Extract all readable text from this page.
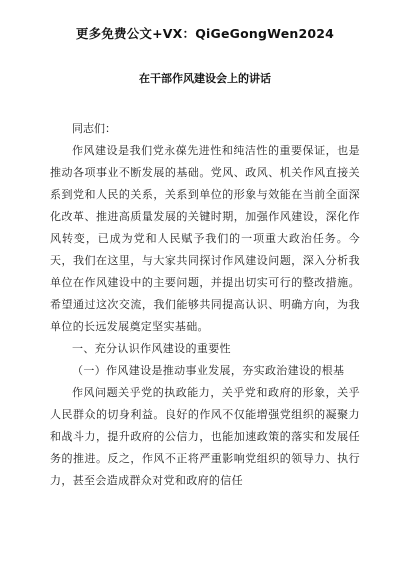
更多免费公文+VX：QiGeGongWen2024
在干部作风建设会上的讲话

同志们：

作风建设是我们党永葆先进性和纯洁性的重要保证，也是推动各项事业不断发展的基础。党风、政风、机关作风直接关系到党和人民的关系，关系到单位的形象与效能在当前全面深化改革、推进高质量发展的关键时期，加强作风建设，深化作风转变，已成为党和人民赋予我们的一项重大政治任务。今天，我们在这里，与大家共同探讨作风建设问题，深入分析我单位在作风建设中的主要问题，并提出切实可行的整改措施。希望通过这次交流，我们能够共同提高认识、明确方向，为我单位的长远发展奠定坚实基础。

一、充分认识作风建设的重要性

（一）作风建设是推动事业发展，夯实政治建设的根基

作风问题关乎党的执政能力，关乎党和政府的形象，关乎人民群众的切身利益。良好的作风不仅能增强党组织的凝聚力和战斗力，提升政府的公信力，也能加速政策的落实和发展任务的推进。反之，作风不正将严重影响党组织的领导力、执行力，甚至会造成群众对党和政府的信任
